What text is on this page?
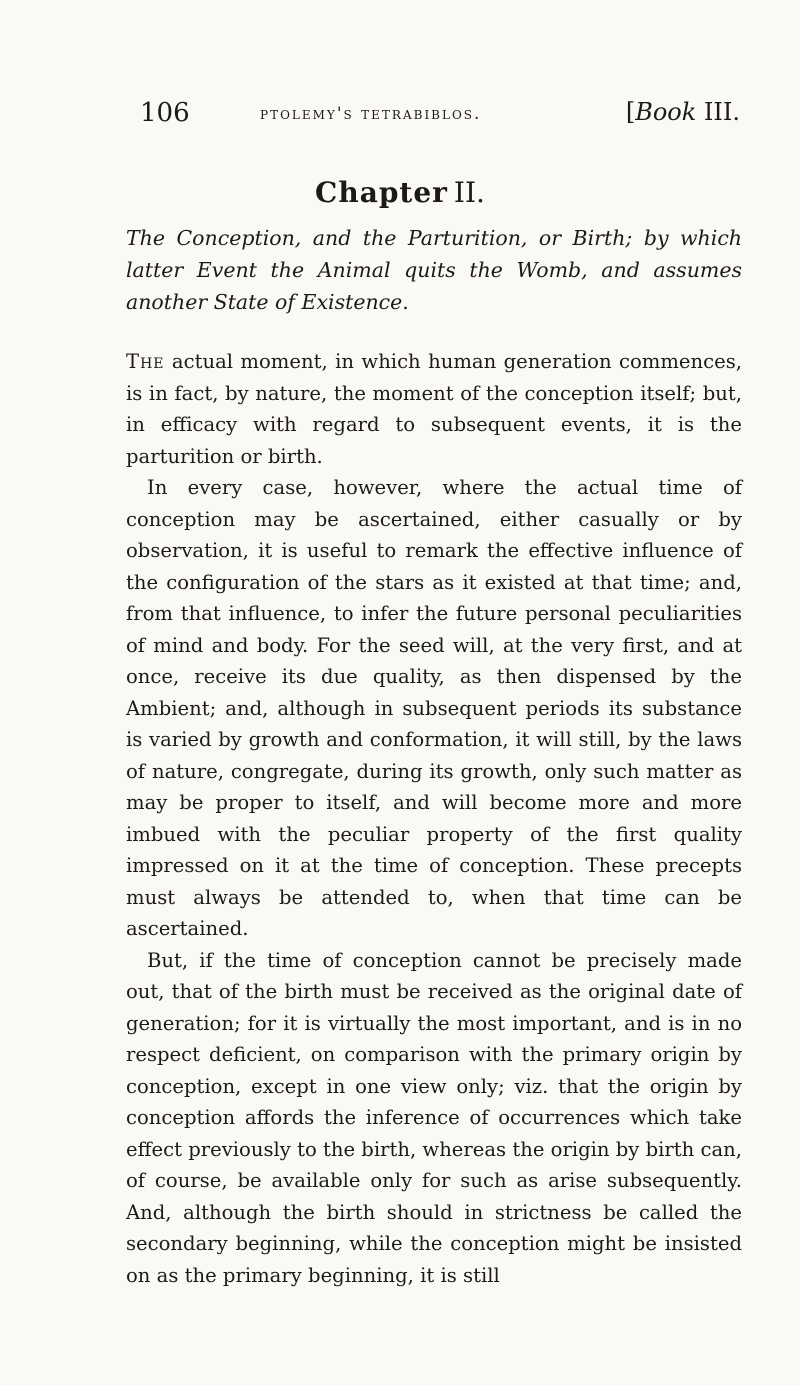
106	ptolemy's tetrabiblos.	[Book III.
Chapter II.
The Conception, and the Parturition, or Birth; by which latter Event the Animal quits the Womb, and assumes another State of Existence.

The actual moment, in which human generation commences, is in fact, by nature, the moment of the conception itself; but, in efficacy with regard to subsequent events, it is the parturition or birth.

In every case, however, where the actual time of conception may be ascertained, either casually or by observation, it is useful to remark the effective influence of the configuration of the stars as it existed at that time; and, from that influence, to infer the future personal peculiarities of mind and body. For the seed will, at the very first, and at once, receive its due quality, as then dispensed by the Ambient; and, although in subsequent periods its substance is varied by growth and conformation, it will still, by the laws of nature, congregate, during its growth, only such matter as may be proper to itself, and will become more and more imbued with the peculiar property of the first quality impressed on it at the time of conception. These precepts must always be attended to, when that time can be ascertained.

But, if the time of conception cannot be precisely made out, that of the birth must be received as the original date of generation; for it is virtually the most important, and is in no respect deficient, on comparison with the primary origin by conception, except in one view only; viz. that the origin by conception affords the inference of occurrences which take effect previously to the birth, whereas the origin by birth can, of course, be available only for such as arise subsequently. And, although the birth should in strictness be called the secondary beginning, while the conception might be insisted on as the primary beginning, it is still
